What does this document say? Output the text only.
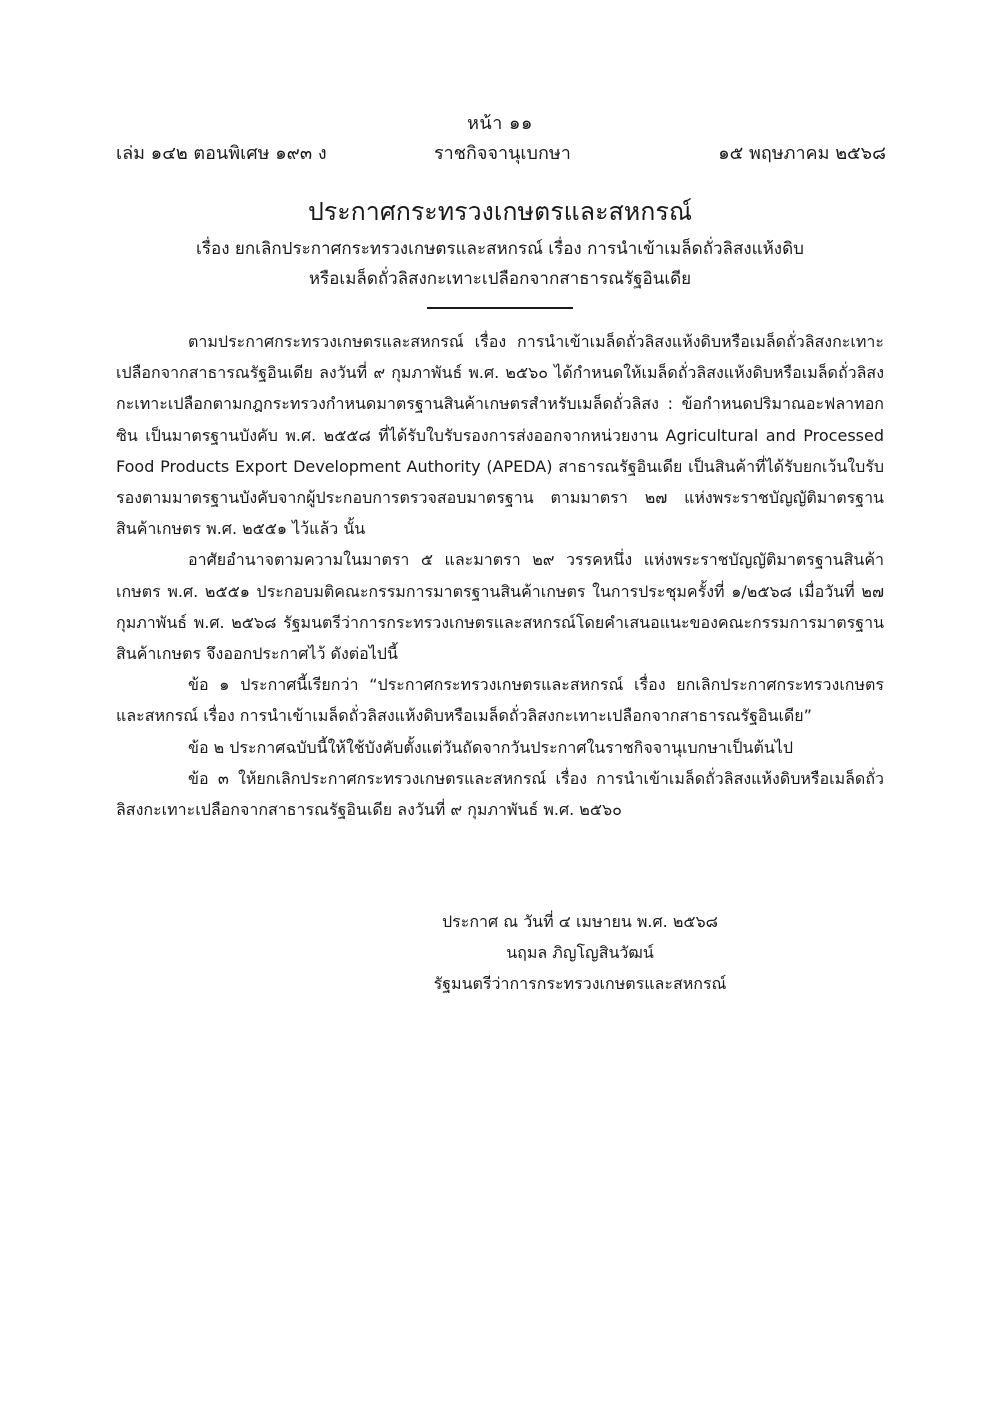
หน้า ๑๑
เล่ม ๑๔๒ ตอนพิเศษ ๑๙๓ ง	ราชกิจจานุเบกษา	๑๕ พฤษภาคม ๒๕๖๘
ประกาศกระทรวงเกษตรและสหกรณ์
เรื่อง ยกเลิกประกาศกระทรวงเกษตรและสหกรณ์ เรื่อง การนำเข้าเมล็ดถั่วลิสงแห้งดิบ
หรือเมล็ดถั่วลิสงกะเทาะเปลือกจากสาธารณรัฐอินเดีย

ตามประกาศกระทรวงเกษตรและสหกรณ์ เรื่อง การนำเข้าเมล็ดถั่วลิสงแห้งดิบหรือเมล็ดถั่วลิสงกะเทาะเปลือกจากสาธารณรัฐอินเดีย ลงวันที่ ๙ กุมภาพันธ์ พ.ศ. ๒๕๖๐ ได้กำหนดให้เมล็ดถั่วลิสงแห้งดิบหรือเมล็ดถั่วลิสงกะเทาะเปลือกตามกฎกระทรวงกำหนดมาตรฐานสินค้าเกษตรสำหรับเมล็ดถั่วลิสง : ข้อกำหนดปริมาณอะฟลาทอกซิน เป็นมาตรฐานบังคับ พ.ศ. ๒๕๕๘ ที่ได้รับใบรับรองการส่งออกจากหน่วยงาน Agricultural and Processed Food Products Export Development Authority (APEDA) สาธารณรัฐอินเดีย เป็นสินค้าที่ได้รับยกเว้นใบรับรองตามมาตรฐานบังคับจากผู้ประกอบการตรวจสอบมาตรฐาน ตามมาตรา ๒๗ แห่งพระราชบัญญัติมาตรฐานสินค้าเกษตร พ.ศ. ๒๕๕๑ ไว้แล้ว นั้น

อาศัยอำนาจตามความในมาตรา ๕ และมาตรา ๒๙ วรรคหนึ่ง แห่งพระราชบัญญัติมาตรฐานสินค้าเกษตร พ.ศ. ๒๕๕๑ ประกอบมติคณะกรรมการมาตรฐานสินค้าเกษตร ในการประชุมครั้งที่ ๑/๒๕๖๘ เมื่อวันที่ ๒๗ กุมภาพันธ์ พ.ศ. ๒๕๖๘ รัฐมนตรีว่าการกระทรวงเกษตรและสหกรณ์โดยคำเสนอแนะของคณะกรรมการมาตรฐานสินค้าเกษตร จึงออกประกาศไว้ ดังต่อไปนี้

ข้อ ๑ ประกาศนี้เรียกว่า “ประกาศกระทรวงเกษตรและสหกรณ์ เรื่อง ยกเลิกประกาศกระทรวงเกษตรและสหกรณ์ เรื่อง การนำเข้าเมล็ดถั่วลิสงแห้งดิบหรือเมล็ดถั่วลิสงกะเทาะเปลือกจากสาธารณรัฐอินเดีย”

ข้อ ๒ ประกาศฉบับนี้ให้ใช้บังคับตั้งแต่วันถัดจากวันประกาศในราชกิจจานุเบกษาเป็นต้นไป

ข้อ ๓ ให้ยกเลิกประกาศกระทรวงเกษตรและสหกรณ์ เรื่อง การนำเข้าเมล็ดถั่วลิสงแห้งดิบหรือเมล็ดถั่วลิสงกะเทาะเปลือกจากสาธารณรัฐอินเดีย ลงวันที่ ๙ กุมภาพันธ์ พ.ศ. ๒๕๖๐

ประกาศ ณ วันที่ ๔ เมษายน พ.ศ. ๒๕๖๘
นฤมล ภิญโญสินวัฒน์
รัฐมนตรีว่าการกระทรวงเกษตรและสหกรณ์
